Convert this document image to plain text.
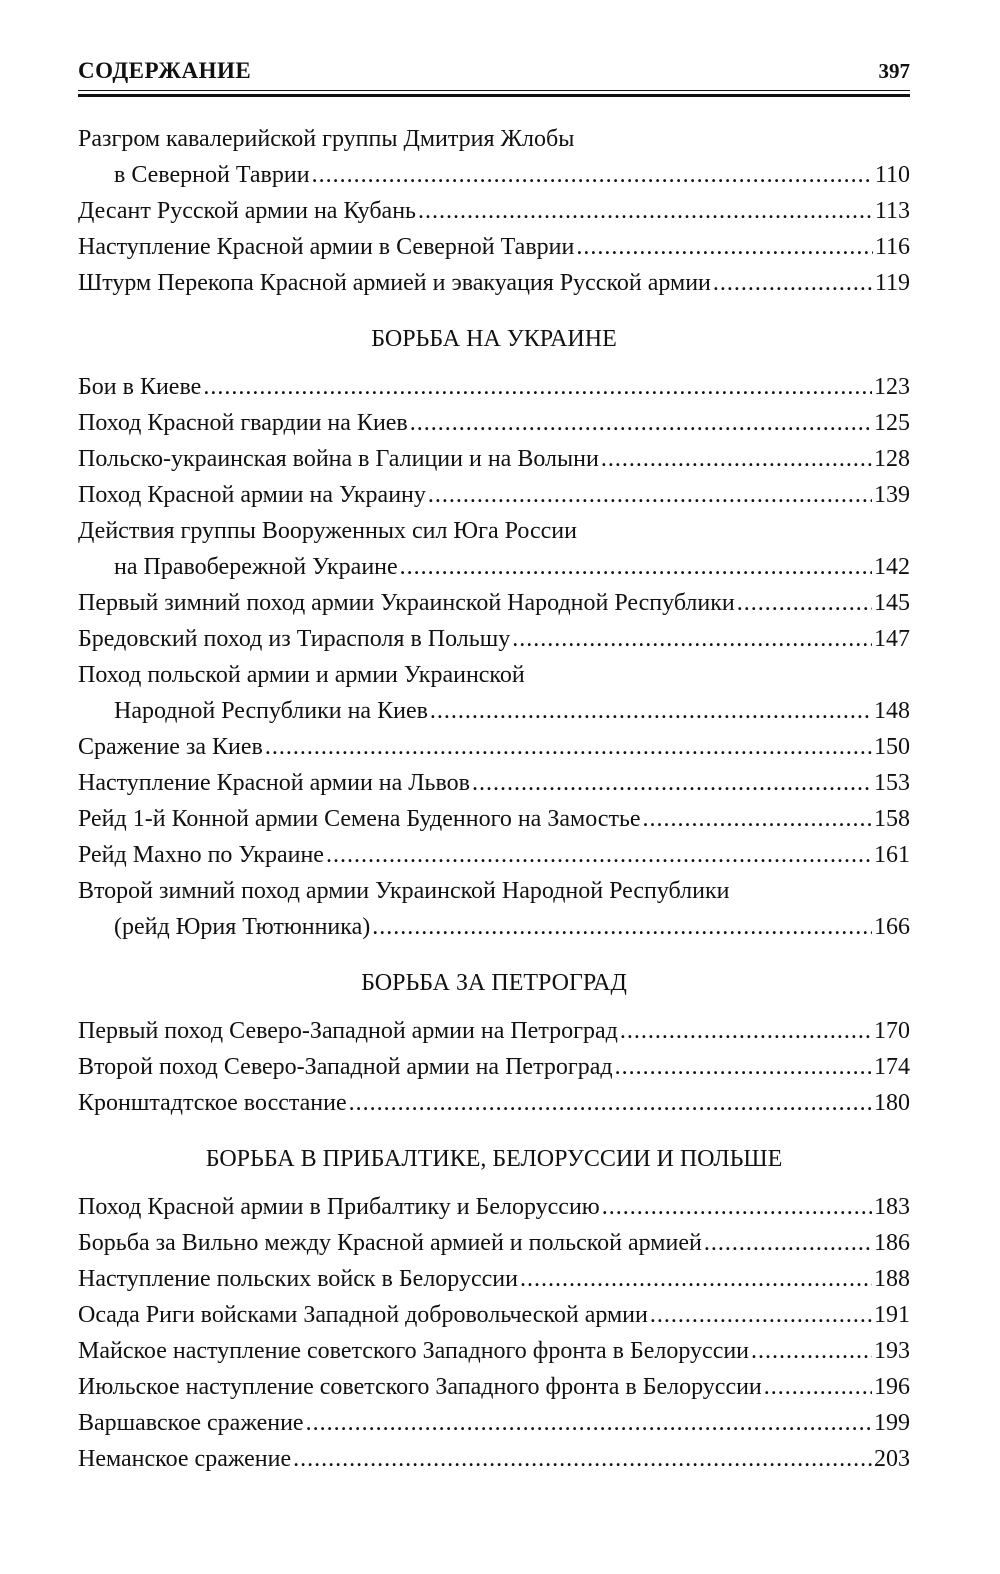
СОДЕРЖАНИЕ	397
Разгром кавалерийской группы Дмитрия Жлобы
в Северной Таврии .....	110
Десант Русской армии на Кубань .....	113
Наступление Красной армии в Северной Таврии .....	116
Штурм Перекопа Красной армией и эвакуация Русской армии .....	119
БОРЬБА НА УКРАИНЕ
Бои в Киеве .....	123
Поход Красной гвардии на Киев .....	125
Польско-украинская война в Галиции и на Волыни .....	128
Поход Красной армии на Украину .....	139
Действия группы Вооруженных сил Юга России
на Правобережной Украине .....	142
Первый зимний поход армии Украинской Народной Республики .....	145
Бредовский поход из Тирасполя в Польшу .....	147
Поход польской армии и армии Украинской
Народной Республики на Киев .....	148
Сражение за Киев .....	150
Наступление Красной армии на Львов .....	153
Рейд 1-й Конной армии Семена Буденного на Замостье .....	158
Рейд Махно по Украине .....	161
Второй зимний поход армии Украинской Народной Республики
(рейд Юрия Тютюнника) .....	166
БОРЬБА ЗА ПЕТРОГРАД
Первый поход Северо-Западной армии на Петроград .....	170
Второй поход Северо-Западной армии на Петроград .....	174
Кронштадтское восстание .....	180
БОРЬБА В ПРИБАЛТИКЕ, БЕЛОРУССИИ И ПОЛЬШЕ
Поход Красной армии в Прибалтику и Белоруссию .....	183
Борьба за Вильно между Красной армией и польской армией .....	186
Наступление польских войск в Белоруссии .....	188
Осада Риги войсками Западной добровольческой армии .....	191
Майское наступление советского Западного фронта в Белоруссии .....	193
Июльское наступление советского Западного фронта в Белоруссии .....	196
Варшавское сражение .....	199
Неманское сражение .....	203
